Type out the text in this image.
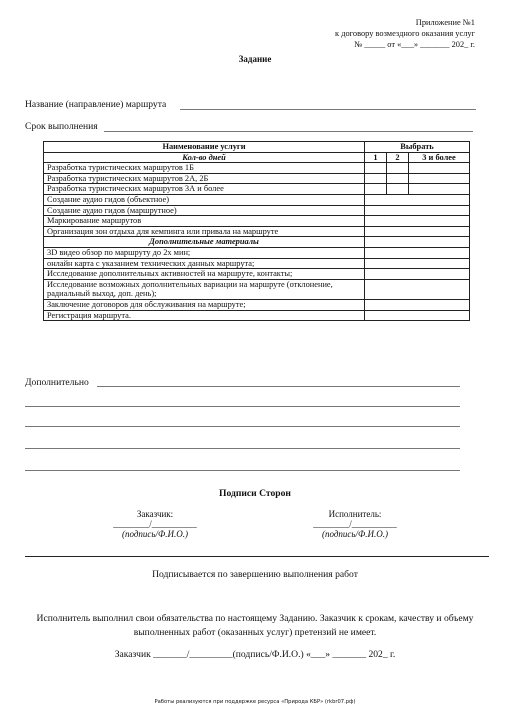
Приложение №1
к договору возмездного оказания услуг
№ _____ от «___» _______ 202_ г.
Задание
Название (направление) маршрута
Срок выполнения
Наименование услуги	Выбрать		
Кол-во дней	1	2	3 и более
Разработка туристических маршрутов 1Б			
Разработка туристических маршрутов 2А, 2Б			
Разработка туристических маршрутов 3А и более			
Создание аудио гидов (объектное)			
Создание аудио гидов (маршрутное)			
Маркирование маршрутов			
Организация зон отдыха для кемпинга или привала на маршруте			
Дополнительные материалы			
3D видео обзор по маршруту до 2х мин;			
онлайн карта с указанием технических данных маршрута;			
Исследование дополнительных активностей на маршруте, контакты;			
Исследование возможных дополнительных вариации на маршруте (отклонение, радиальный выход, доп. день);			
Заключение договоров для обслуживания на маршруте;			
Регистрация маршрута.			
Дополнительно
Подписи Сторон
Заказчик:
________/__________
(подпись/Ф.И.О.)
Исполнитель:
________/__________
(подпись/Ф.И.О.)
Подписывается по завершению выполнения работ
Исполнитель выполнил свои обязательства по настоящему Заданию. Заказчик к срокам, качеству и объему выполненных работ (оказанных услуг) претензий не имеет.
Заказчик _______/_________(подпись/Ф.И.О.) «___» _______ 202_ г.
Работы реализуются при поддержке ресурса «Природа КБР» (rkbr07.рф)
